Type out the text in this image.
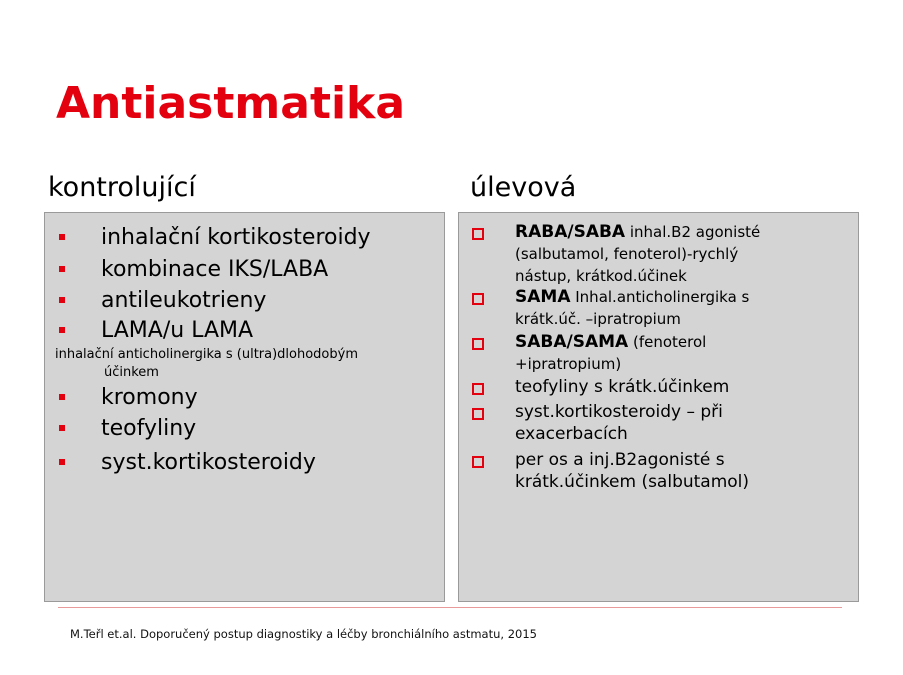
Antiastmatika
kontrolující	úlevová
inhalační kortikosteroidy
kombinace IKS/LABA
antileukotrieny
LAMA/u LAMA
inhalační anticholinergika s (ultra)dlohodobým
účinkem
kromony
teofyliny
syst.kortikosteroidy
RABA/SABA inhal.B2 agonisté
(salbutamol, fenoterol)-rychlý
nástup, krátkod.účinek
SAMA Inhal.anticholinergika s
krátk.úč. –ipratropium
SABA/SAMA (fenoterol
+ipratropium)
teofyliny s krátk.účinkem
syst.kortikosteroidy – při
exacerbacích
per os a inj.B2agonisté s
krátk.účinkem (salbutamol)
M.Teřl et.al. Doporučený postup diagnostiky a léčby bronchiálního astmatu, 2015
